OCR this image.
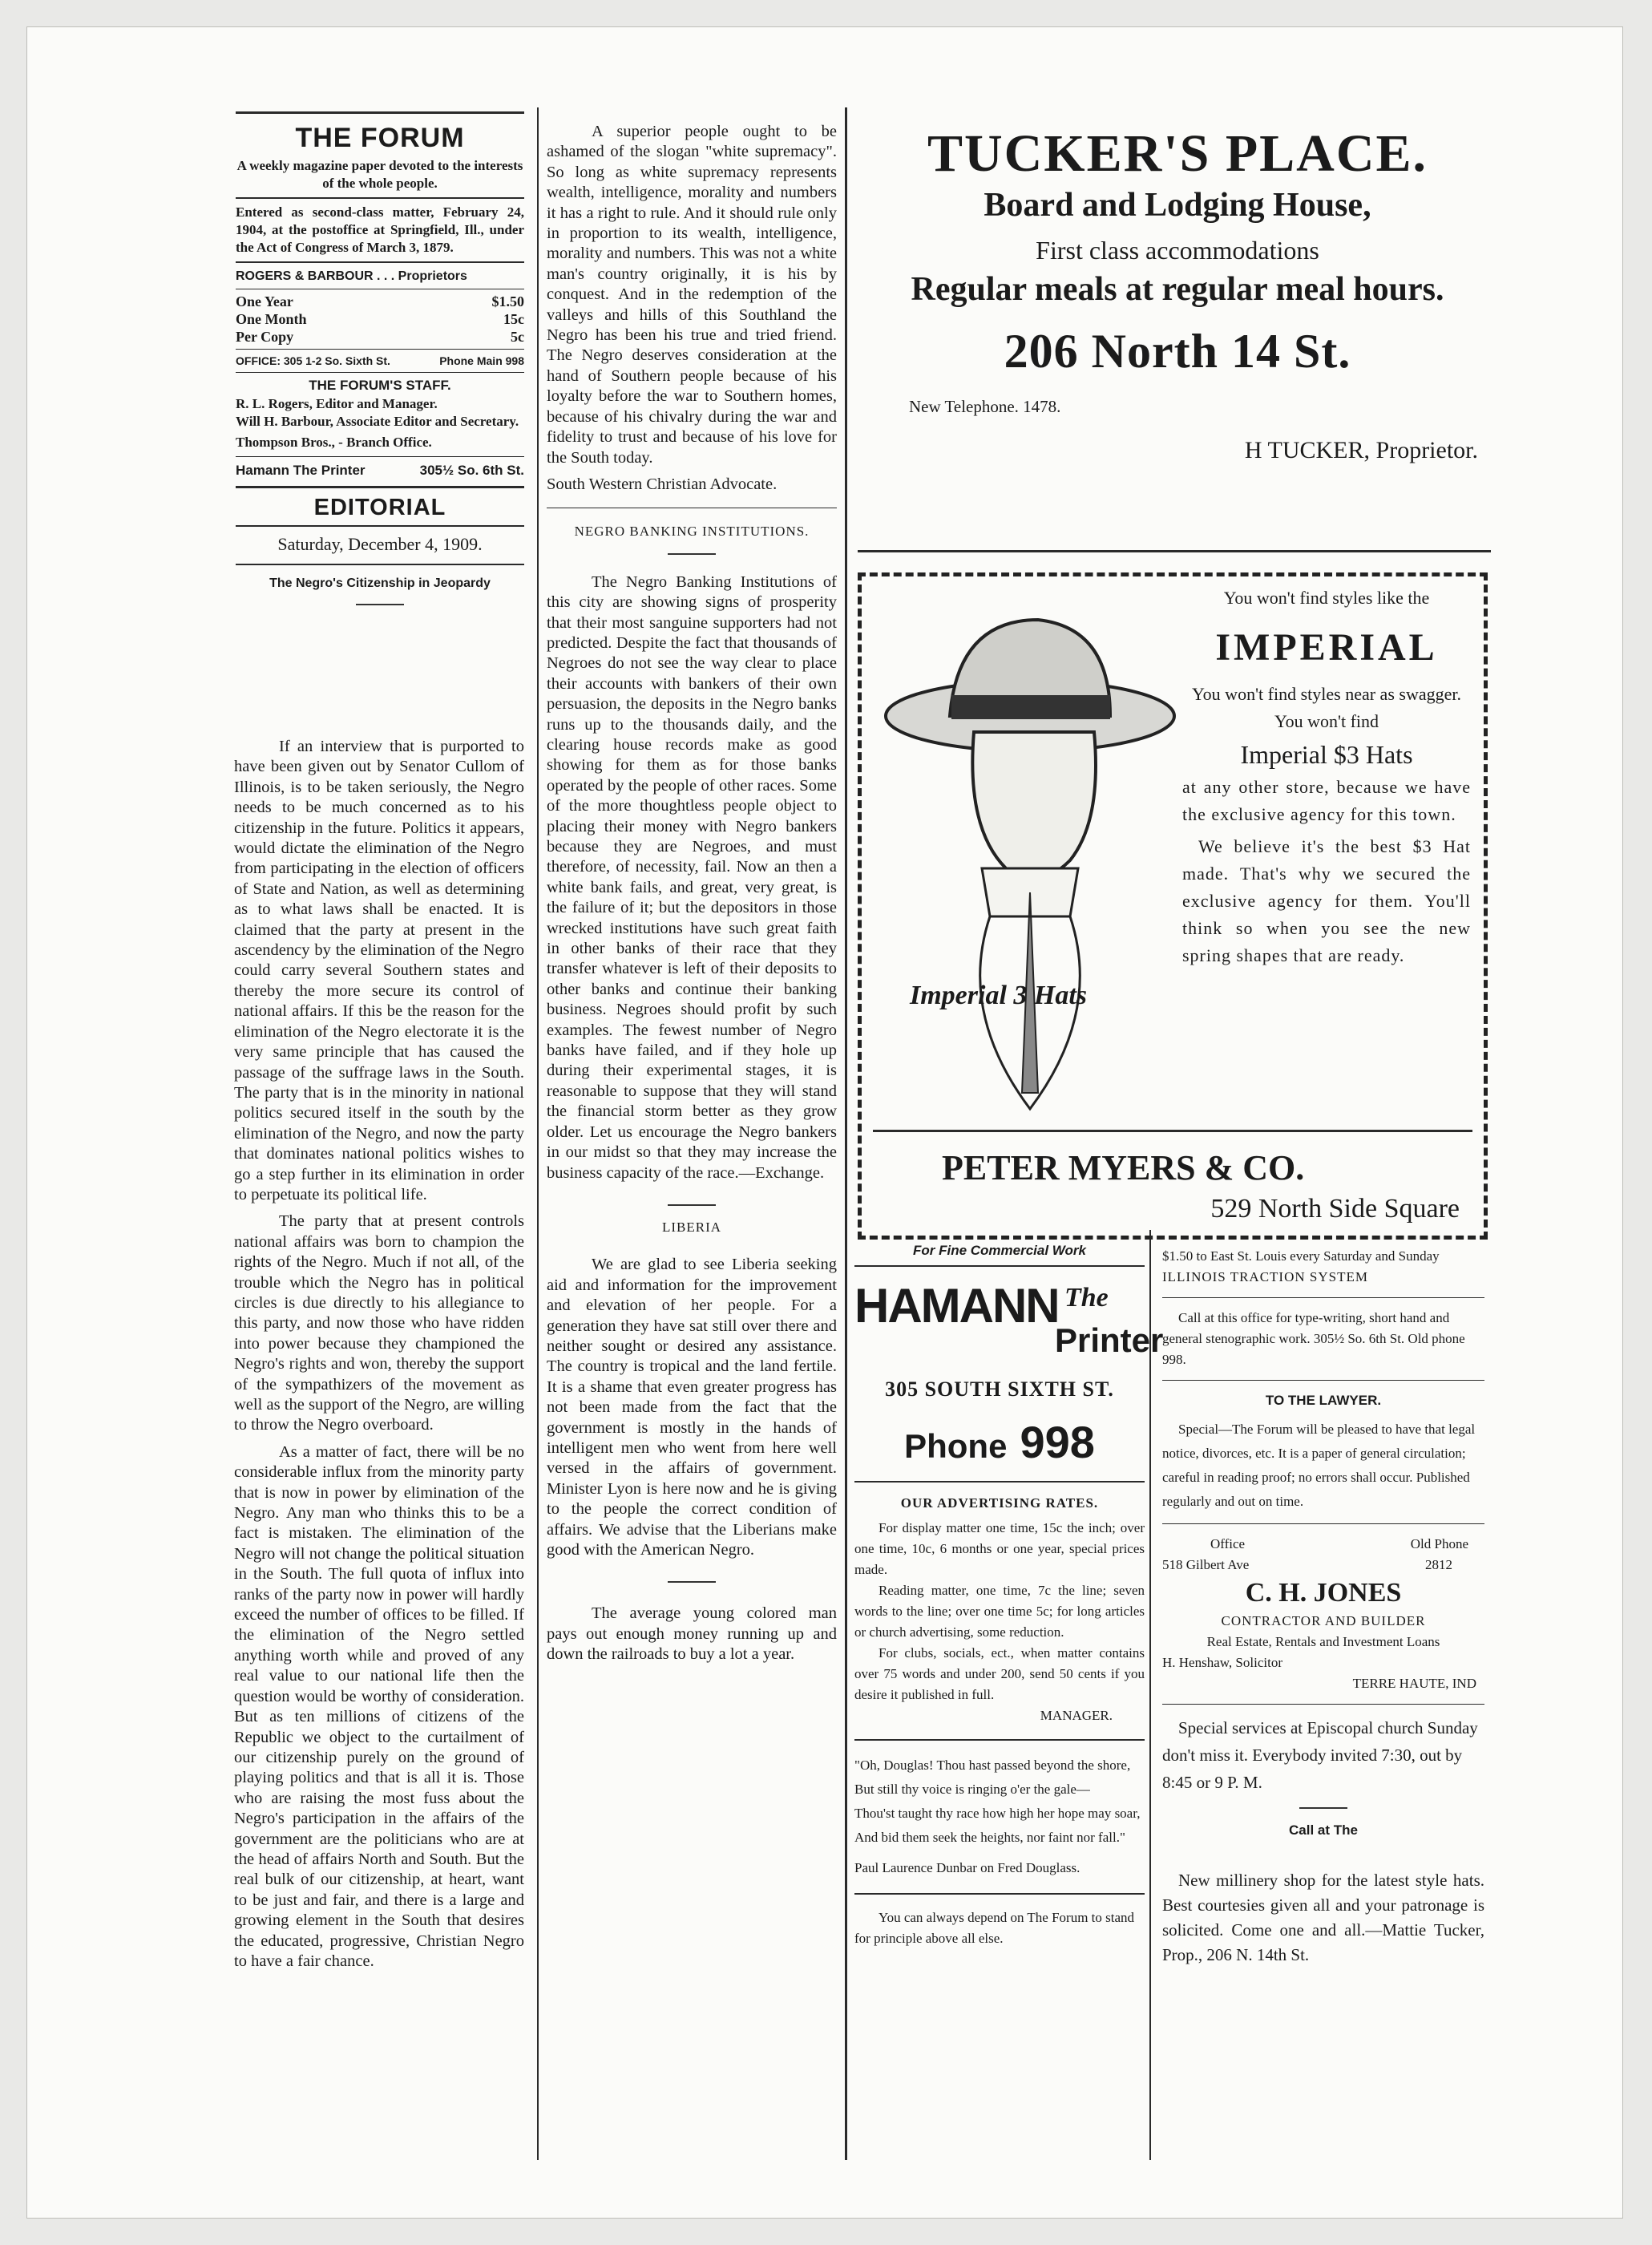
THE FORUM
A weekly magazine paper devoted to the interests of the whole people.
Entered as second-class matter, February 24, 1904, at the postoffice at Springfield, Ill., under the Act of Congress of March 3, 1879.
ROGERS & BARBOUR . . . Proprietors
One Year	$1.50
One Month	15c
Per Copy	5c
OFFICE: 305 1-2 So. Sixth St.	Phone Main 998
THE FORUM'S STAFF.
R. L. Rogers, Editor and Manager.
Will H. Barbour, Associate Editor and Secretary.
Thompson Bros., - Branch Office.
Hamann The Printer	305½ So. 6th St.
EDITORIAL
Saturday, December 4, 1909.
The Negro's Citizenship in Jeopardy

If an interview that is purported to have been given out by Senator Cullom of Illinois, is to be taken seriously, the Negro needs to be much concerned as to his citizenship in the future. Politics it appears, would dictate the elimination of the Negro from participating in the election of officers of State and Nation, as well as determining as to what laws shall be enacted. It is claimed that the party at present in the ascendency by the elimination of the Negro could carry several Southern states and thereby the more secure its control of national affairs. If this be the reason for the elimination of the Negro electorate it is the very same principle that has caused the passage of the suffrage laws in the South. The party that is in the minority in national politics secured itself in the south by the elimination of the Negro, and now the party that dominates national politics wishes to go a step further in its elimination in order to perpetuate its political life.

The party that at present controls national affairs was born to champion the rights of the Negro. Much if not all, of the trouble which the Negro has in political circles is due directly to his allegiance to this party, and now those who have ridden into power because they championed the Negro's rights and won, thereby the support of the sympathizers of the movement as well as the support of the Negro, are willing to throw the Negro overboard.

As a matter of fact, there will be no considerable influx from the minority party that is now in power by elimination of the Negro. Any man who thinks this to be a fact is mistaken. The elimination of the Negro will not change the political situation in the South. The full quota of influx into ranks of the party now in power will hardly exceed the number of offices to be filled. If the elimination of the Negro settled anything worth while and proved of any real value to our national life then the question would be worthy of consideration. But as ten millions of citizens of the Republic we object to the curtailment of our citizenship purely on the ground of playing politics and that is all it is. Those who are raising the most fuss about the Negro's participation in the affairs of the government are the politicians who are at the head of affairs North and South. But the real bulk of our citizenship, at heart, want to be just and fair, and there is a large and growing element in the South that desires the educated, progressive, Christian Negro to have a fair chance.

A superior people ought to be ashamed of the slogan "white supremacy". So long as white supremacy represents wealth, intelligence, morality and numbers it has a right to rule. And it should rule only in proportion to its wealth, intelligence, morality and numbers. This was not a white man's country originally, it is his by conquest. And in the redemption of the valleys and hills of this Southland the Negro has been his true and tried friend. The Negro deserves consideration at the hand of Southern people because of his loyalty before the war to Southern homes, because of his chivalry during the war and fidelity to trust and because of his love for the South today.

South Western Christian Advocate.
NEGRO BANKING INSTITUTIONS.

The Negro Banking Institutions of this city are showing signs of prosperity that their most sanguine supporters had not predicted. Despite the fact that thousands of Negroes do not see the way clear to place their accounts with bankers of their own persuasion, the deposits in the Negro banks runs up to the thousands daily, and the clearing house records make as good showing for them as for those banks operated by the people of other races. Some of the more thoughtless people object to placing their money with Negro bankers because they are Negroes, and must therefore, of necessity, fail. Now an then a white bank fails, and great, very great, is the failure of it; but the depositors in those wrecked institutions have such great faith in other banks of their race that they transfer whatever is left of their deposits to other banks and continue their banking business. Negroes should profit by such examples. The fewest number of Negro banks have failed, and if they hole up during their experimental stages, it is reasonable to suppose that they will stand the financial storm better as they grow older. Let us encourage the Negro bankers in our midst so that they may increase the business capacity of the race.—Exchange.

LIBERIA

We are glad to see Liberia seeking aid and information for the improvement and elevation of her people. For a generation they have sat still over there and neither sought or desired any assistance. The country is tropical and the land fertile. It is a shame that even greater progress has not been made from the fact that the government is mostly in the hands of intelligent men who went from here well versed in the affairs of government. Minister Lyon is here now and he is giving to the people the correct condition of affairs. We advise that the Liberians make good with the American Negro.

The average young colored man pays out enough money running up and down the railroads to buy a lot a year.

TUCKER'S PLACE.
Board and Lodging House,
First class accommodations
Regular meals at regular meal hours.
206 North 14 St.
New Telephone. 1478.
H TUCKER, Proprietor.
Imperial 3 Hats
You won't find styles like the
IMPERIAL
You won't find styles near as swagger. You won't find
Imperial $3 Hats
at any other store, because we have the exclusive agency for this town.
We believe it's the best $3 Hat made. That's why we secured the exclusive agency for them. You'll think so when you see the new spring shapes that are ready.
PETER MYERS & CO.
529 North Side Square
For Fine Commercial Work
HAMANN The
Printer
305 SOUTH SIXTH ST.
Phone 998
OUR ADVERTISING RATES.

For display matter one time, 15c the inch; over one time, 10c, 6 months or one year, special prices made.

Reading matter, one time, 7c the line; seven words to the line; over one time 5c; for long articles or church advertising, some reduction.

For clubs, socials, ect., when matter contains over 75 words and under 200, send 50 cents if you desire it published in full.

MANAGER.
"Oh, Douglas! Thou hast passed beyond the shore,
But still thy voice is ringing o'er the gale—
Thou'st taught thy race how high her hope may soar,
And bid them seek the heights, nor faint nor fall."
Paul Laurence Dunbar on Fred Douglass.
You can always depend on The Forum to stand for principle above all else.
$1.50 to East St. Louis every Saturday and Sunday
ILLINOIS TRACTION SYSTEM
Call at this office for type-writing, short hand and general stenographic work. 305½ So. 6th St. Old phone 998.
TO THE LAWYER.
Special—The Forum will be pleased to have that legal notice, divorces, etc. It is a paper of general circulation; careful in reading proof; no errors shall occur. Published regularly and out on time.
Office	Old Phone
518 Gilbert Ave	2812
C. H. JONES
CONTRACTOR AND BUILDER
Real Estate, Rentals and Investment Loans
H. Henshaw, Solicitor
TERRE HAUTE, IND
Special services at Episcopal church Sunday don't miss it. Everybody invited 7:30, out by 8:45 or 9 P. M.
Call at The
New millinery shop for the latest style hats. Best courtesies given all and your patronage is solicited. Come one and all.—Mattie Tucker, Prop., 206 N. 14th St.
